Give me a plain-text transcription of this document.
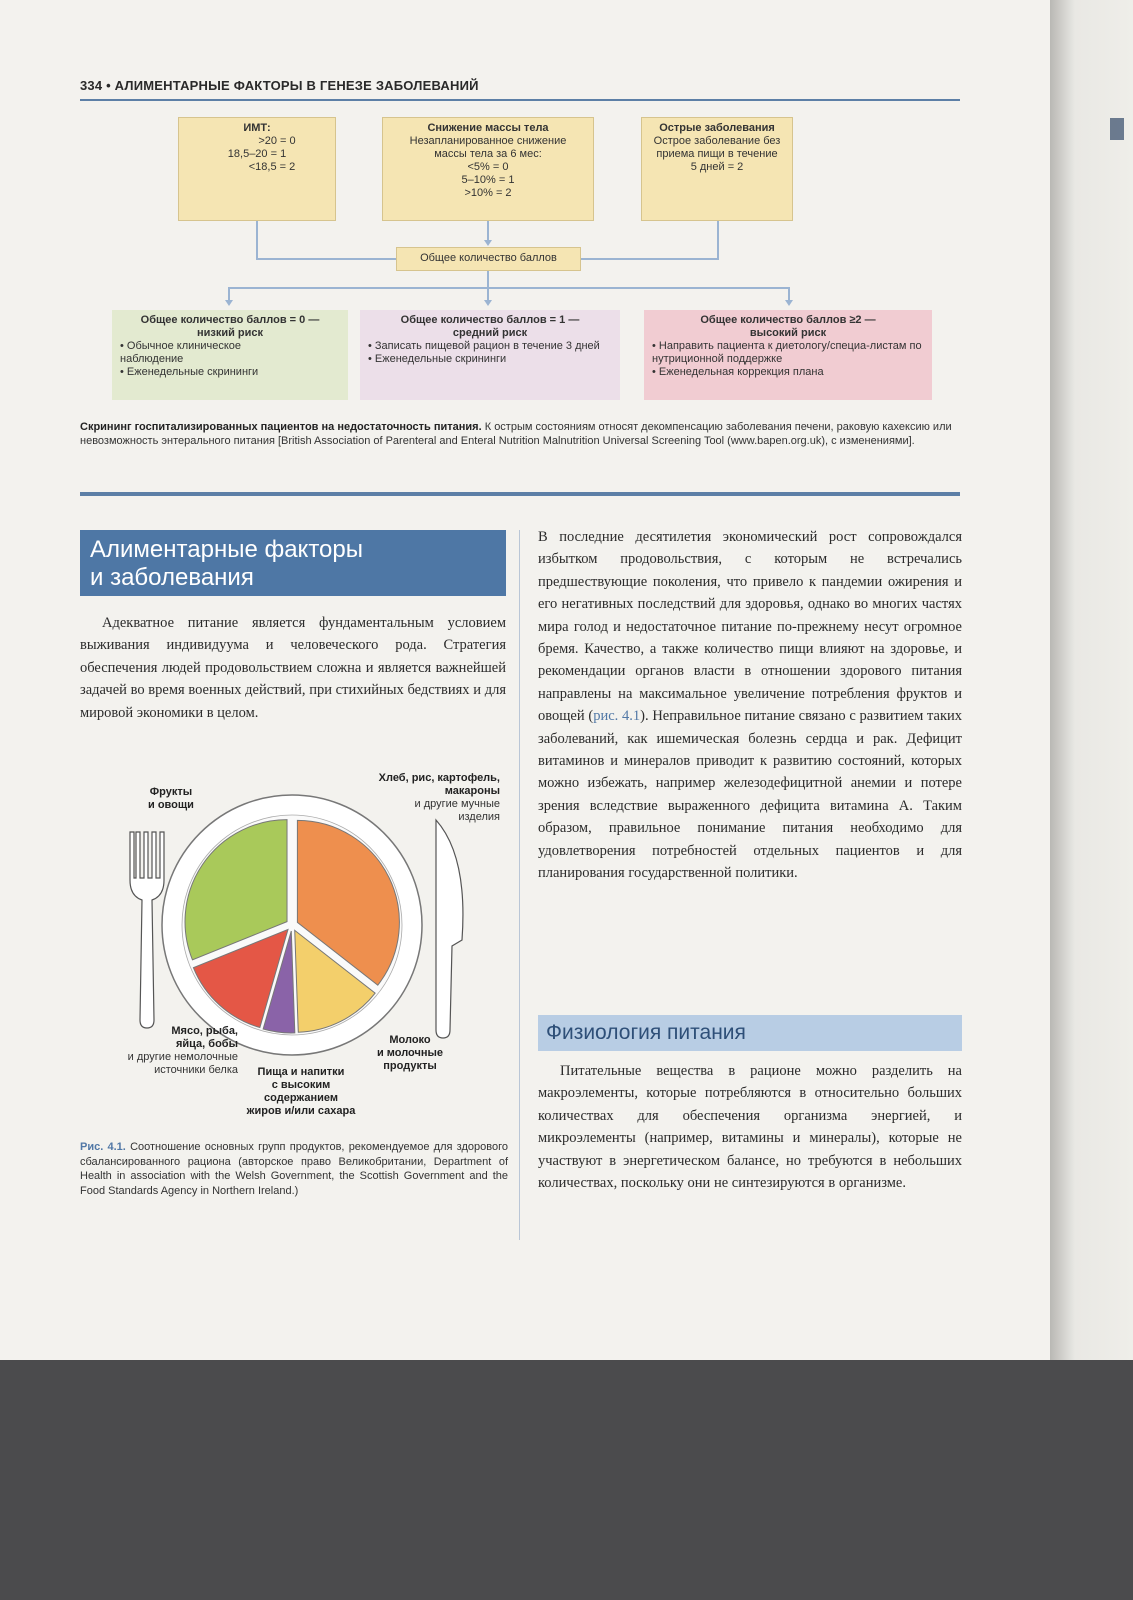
334 • АЛИМЕНТАРНЫЕ ФАКТОРЫ В ГЕНЕЗЕ ЗАБОЛЕВАНИЙ
ИМТ:
>20 = 0
18,5–20 = 1
<18,5 = 2
Снижение массы тела
Незапланированное снижение массы тела за 6 мес:
<5% = 0
5–10% = 1
>10% = 2
Острые заболевания
Острое заболевание без приема пищи в течение 5 дней = 2
Общее количество баллов
Общее количество баллов = 0 — низкий риск
• Обычное клиническое наблюдение
• Еженедельные скрининги
Общее количество баллов = 1 — средний риск
• Записать пищевой рацион в течение 3 дней
• Еженедельные скрининги
Общее количество баллов ≥2 — высокий риск
• Направить пациента к диетологу/специа-листам по нутриционной поддержке
• Еженедельная коррекция плана
Скрининг госпитализированных пациентов на недостаточность питания. К острым состояниям относят декомпенсацию заболевания печени, раковую кахексию или невозможность энтерального питания [British Association of Parenteral and Enteral Nutrition Malnutrition Universal Screening Tool (www.bapen.org.uk), с изменениями].
Алиментарные факторы
и заболевания

Адекватное питание является фундаментальным условием выживания индивидуума и человеческого рода. Стратегия обеспечения людей продовольствием сложна и является важнейшей задачей во время военных действий, при стихийных бедствиях и для мировой экономики в целом.

Фрукты
и овощи
Хлеб, рис, картофель,
макароны
и другие мучные
изделия
Мясо, рыба,
яйца, бобы
и другие немолочные
источники белка	Пища и напитки
с высоким
содержанием
жиров и/или сахара
Молоко
и молочные
продукты
Рис. 4.1. Соотношение основных групп продуктов, рекомендуемое для здорового сбалансированного рациона (авторское право Великобритании, Department of Health in association with the Welsh Government, the Scottish Government and the Food Standards Agency in Northern Ireland.)

В последние десятилетия экономический рост сопровождался избытком продовольствия, с которым не встречались предшествующие поколения, что привело к пандемии ожирения и его негативных последствий для здоровья, однако во многих частях мира голод и недостаточное питание по-прежнему несут огромное бремя. Качество, а также количество пищи влияют на здоровье, и рекомендации органов власти в отношении здорового питания направлены на максимальное увеличение потребления фруктов и овощей (рис. 4.1). Неправильное питание связано с развитием таких заболеваний, как ишемическая болезнь сердца и рак. Дефицит витаминов и минералов приводит к развитию состояний, которых можно избежать, например железодефицитной анемии и потере зрения вследствие выраженного дефицита витамина А. Таким образом, правильное понимание питания необходимо для удовлетворения потребностей отдельных пациентов и для планирования государственной политики.

Физиология питания

Питательные вещества в рационе можно разделить на макроэлементы, которые потребляются в относительно больших количествах для обеспечения организма энергией, и микроэлементы (например, витамины и минералы), которые не участвуют в энергетическом балансе, но требуются в небольших количествах, поскольку они не синтезируются в организме.
